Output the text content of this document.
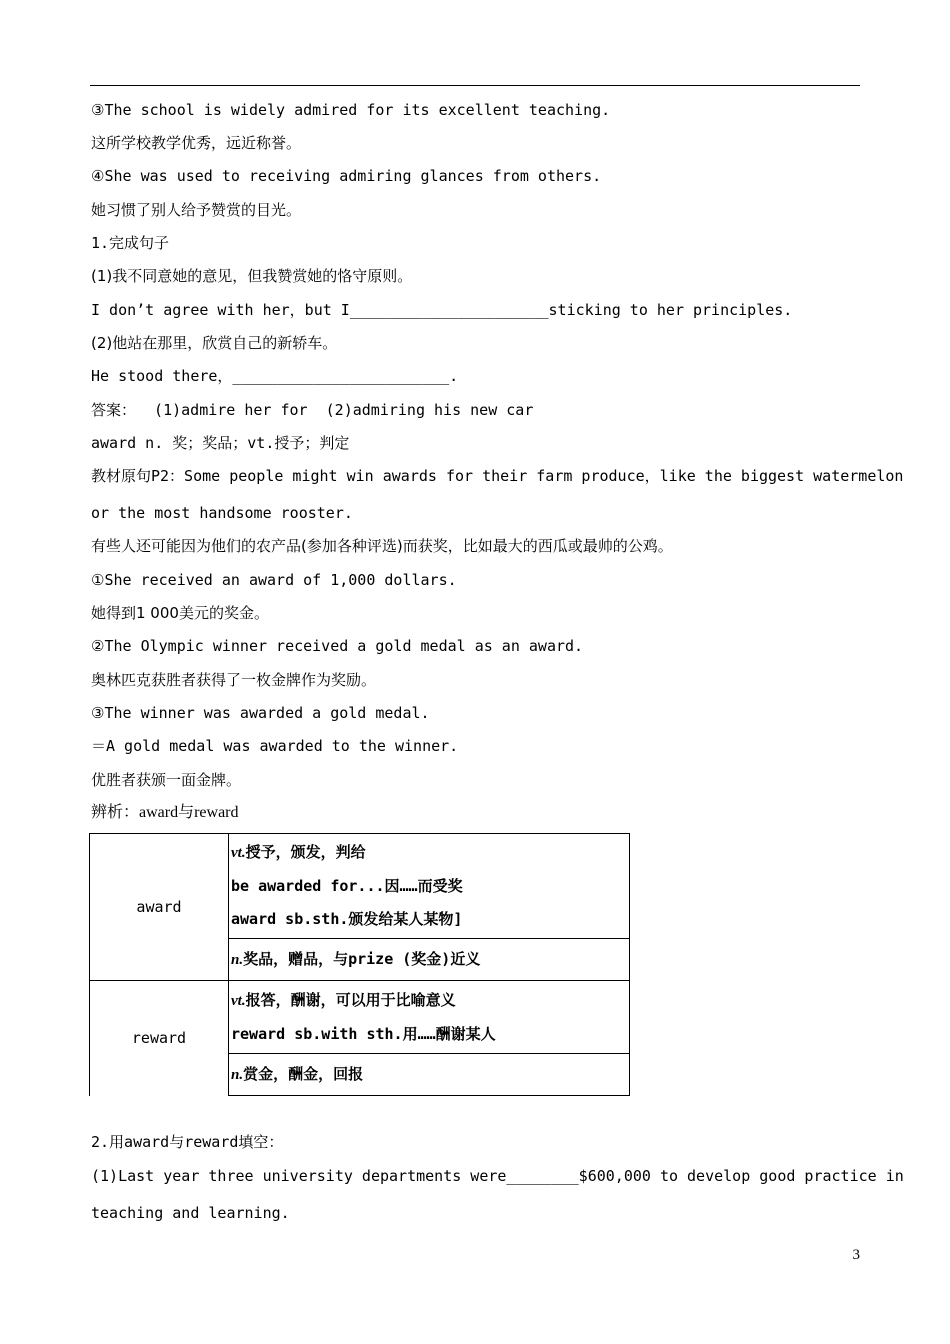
③The school is widely admired for its excellent teaching.
这所学校教学优秀，远近称誉。
④She was used to receiving admiring glances from others.
她习惯了别人给予赞赏的目光。
1.完成句子
(1)我不同意她的意见，但我赞赏她的恪守原则。
I don’t agree with her，but I______________________sticking to her principles.
(2)他站在那里，欣赏自己的新轿车。
He stood there，________________________.
答案：  (1)admire her for  (2)admiring his new car
award n. 奖；奖品；vt.授予；判定
教材原句P2：Some people might win awards for their farm produce，like the biggest watermelon
or the most handsome rooster.
有些人还可能因为他们的农产品(参加各种评选)而获奖，比如最大的西瓜或最帅的公鸡。
①She received an award of 1,000 dollars.
她得到1 000美元的奖金。
②The Olympic winner received a gold medal as an award.
奥林匹克获胜者获得了一枚金牌作为奖励。
③The winner was awarded a gold medal.
＝A gold medal was awarded to the winner.
优胜者获颁一面金牌。
辨析：award与reward
award	vt.授予，颁发，判给
be awarded for...因……而受奖
award sb.sth.颁发给某人某物]

	n.奖品，赠品，与prize (奖金)近义

reward	vt.报答，酬谢，可以用于比喻意义
reward sb.with sth.用……酬谢某人

	n.赏金，酬金，回报
2.用award与reward填空：
(1)Last year three university departments were________$600,000 to develop good practice in
teaching and learning.
3
